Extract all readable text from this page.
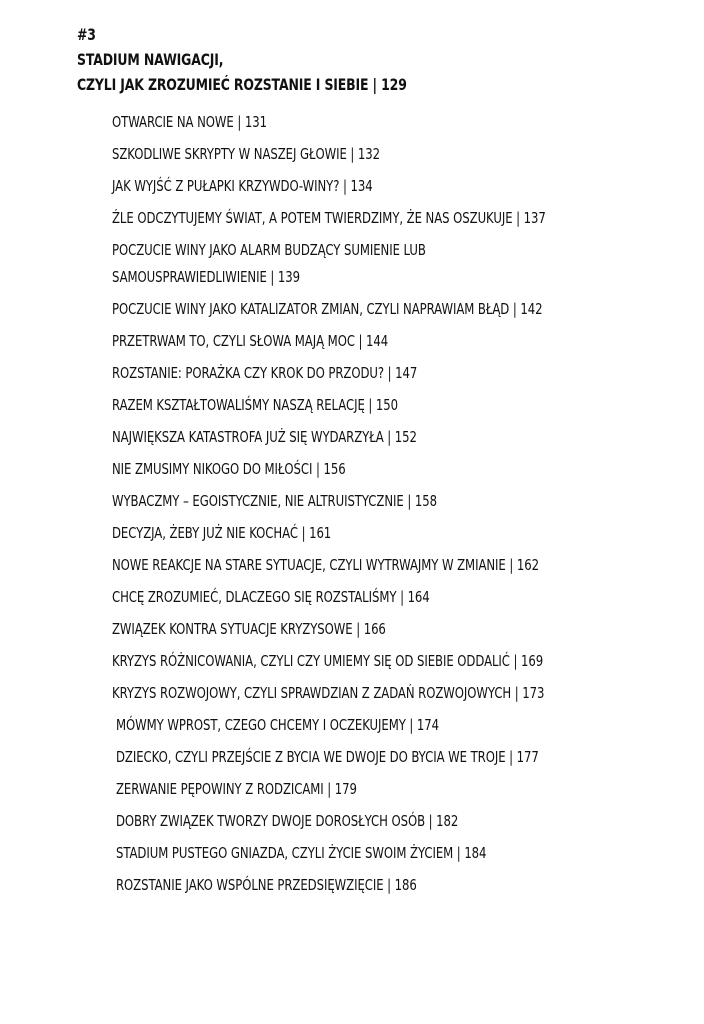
#3
STADIUM NAWIGACJI,
CZYLI JAK ZROZUMIEĆ ROZSTANIE I SIEBIE | 129
OTWARCIE NA NOWE | 131
SZKODLIWE SKRYPTY W NASZEJ GŁOWIE | 132
JAK WYJŚĆ Z PUŁAPKI KRZYWDO-WINY? | 134
ŹLE ODCZYTUJEMY ŚWIAT, A POTEM TWIERDZIMY, ŻE NAS OSZUKUJE | 137
POCZUCIE WINY JAKO ALARM BUDZĄCY SUMIENIE LUB
SAMOUSPRAWIEDLIWIENIE | 139
POCZUCIE WINY JAKO KATALIZATOR ZMIAN, CZYLI NAPRAWIAM BŁĄD | 142
PRZETRWAM TO, CZYLI SŁOWA MAJĄ MOC | 144
ROZSTANIE: PORAŻKA CZY KROK DO PRZODU? | 147
RAZEM KSZTAŁTOWALIŚMY NASZĄ RELACJĘ | 150
NAJWIĘKSZA KATASTROFA JUŻ SIĘ WYDARZYŁA | 152
NIE ZMUSIMY NIKOGO DO MIŁOŚCI | 156
WYBACZMY – EGOISTYCZNIE, NIE ALTRUISTYCZNIE | 158
DECYZJA, ŻEBY JUŻ NIE KOCHAĆ | 161
NOWE REAKCJE NA STARE SYTUACJE, CZYLI WYTRWAJMY W ZMIANIE | 162
CHCĘ ZROZUMIEĆ, DLACZEGO SIĘ ROZSTALIŚMY | 164
ZWIĄZEK KONTRA SYTUACJE KRYZYSOWE | 166
KRYZYS RÓŻNICOWANIA, CZYLI CZY UMIEMY SIĘ OD SIEBIE ODDALIĆ | 169
KRYZYS ROZWOJOWY, CZYLI SPRAWDZIAN Z ZADAŃ ROZWOJOWYCH | 173
MÓWMY WPROST, CZEGO CHCEMY I OCZEKUJEMY | 174
DZIECKO, CZYLI PRZEJŚCIE Z BYCIA WE DWOJE DO BYCIA WE TROJE | 177
ZERWANIE PĘPOWINY Z RODZICAMI | 179
DOBRY ZWIĄZEK TWORZY DWOJE DOROSŁYCH OSÓB | 182
STADIUM PUSTEGO GNIAZDA, CZYLI ŻYCIE SWOIM ŻYCIEM | 184
ROZSTANIE JAKO WSPÓLNE PRZEDSIĘWZIĘCIE | 186
